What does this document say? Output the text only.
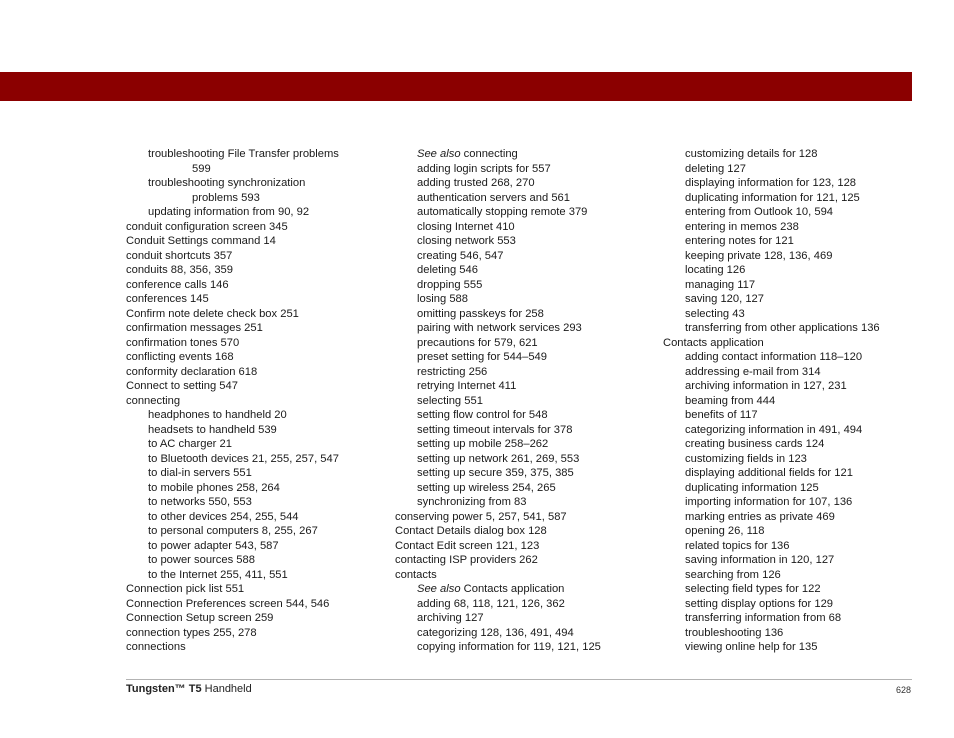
troubleshooting File Transfer problems
599
troubleshooting synchronization
problems 593
updating information from 90, 92
conduit configuration screen 345
Conduit Settings command 14
conduit shortcuts 357
conduits 88, 356, 359
conference calls 146
conferences 145
Confirm note delete check box 251
confirmation messages 251
confirmation tones 570
conflicting events 168
conformity declaration 618
Connect to setting 547
connecting
headphones to handheld 20
headsets to handheld 539
to AC charger 21
to Bluetooth devices 21, 255, 257, 547
to dial-in servers 551
to mobile phones 258, 264
to networks 550, 553
to other devices 254, 255, 544
to personal computers 8, 255, 267
to power adapter 543, 587
to power sources 588
to the Internet 255, 411, 551
Connection pick list 551
Connection Preferences screen 544, 546
Connection Setup screen 259
connection types 255, 278
connections
See also connecting
adding login scripts for 557
adding trusted 268, 270
authentication servers and 561
automatically stopping remote 379
closing Internet 410
closing network 553
creating 546, 547
deleting 546
dropping 555
losing 588
omitting passkeys for 258
pairing with network services 293
precautions for 579, 621
preset setting for 544–549
restricting 256
retrying Internet 411
selecting 551
setting flow control for 548
setting timeout intervals for 378
setting up mobile 258–262
setting up network 261, 269, 553
setting up secure 359, 375, 385
setting up wireless 254, 265
synchronizing from 83
conserving power 5, 257, 541, 587
Contact Details dialog box 128
Contact Edit screen 121, 123
contacting ISP providers 262
contacts
See also Contacts application
adding 68, 118, 121, 126, 362
archiving 127
categorizing 128, 136, 491, 494
copying information for 119, 121, 125
customizing details for 128
deleting 127
displaying information for 123, 128
duplicating information for 121, 125
entering from Outlook 10, 594
entering in memos 238
entering notes for 121
keeping private 128, 136, 469
locating 126
managing 117
saving 120, 127
selecting 43
transferring from other applications 136
Contacts application
adding contact information 118–120
addressing e-mail from 314
archiving information in 127, 231
beaming from 444
benefits of 117
categorizing information in 491, 494
creating business cards 124
customizing fields in 123
displaying additional fields for 121
duplicating information 125
importing information for 107, 136
marking entries as private 469
opening 26, 118
related topics for 136
saving information in 120, 127
searching from 126
selecting field types for 122
setting display options for 129
transferring information from 68
troubleshooting 136
viewing online help for 135
Tungsten™ T5 Handheld	628
